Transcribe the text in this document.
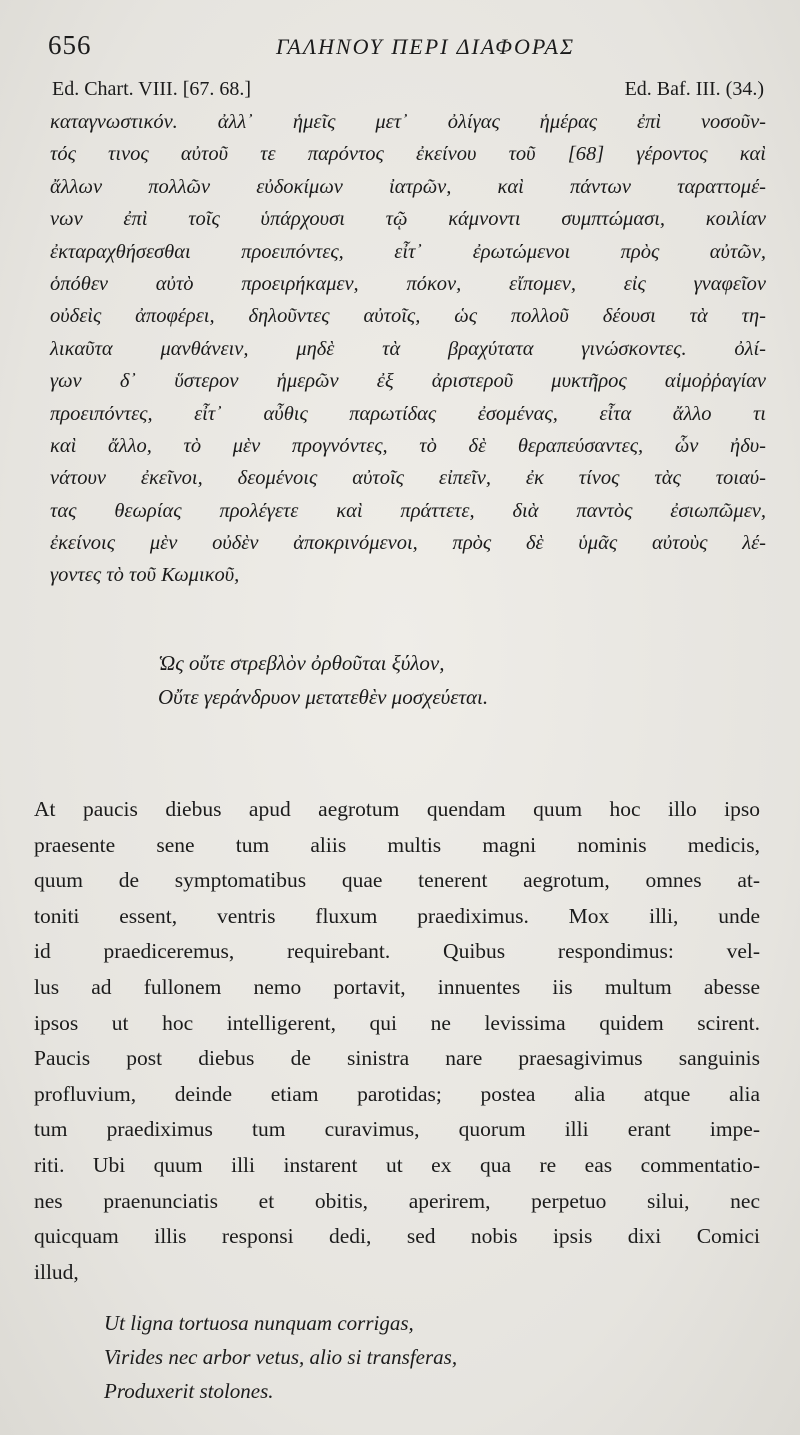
656	ΓΑΛΗΝΟΥ ΠΕΡΙ ΔΙΑΦΟΡΑΣ
Ed. Chart. VIII. [67. 68.]	Ed. Baf. III. (34.)
καταγνωστικόν. ἀλλ᾿ ἡμεῖς μετ᾿ ὀλίγας ἡμέρας ἐπὶ νοσοῦν-
τός τινος αὐτοῦ τε παρόντος ἐκείνου τοῦ [68] γέροντος καὶ
ἄλλων πολλῶν εὐδοκίμων ἰατρῶν, καὶ πάντων ταραττομέ-
νων ἐπὶ τοῖς ὑπάρχουσι τῷ κάμνοντι συμπτώμασι, κοιλίαν
ἐκταραχθήσεσθαι προειπόντες, εἶτ᾿ ἐρωτώμενοι πρὸς αὐτῶν,
ὁπόθεν αὐτὸ προειρήκαμεν, πόκον, εἴπομεν, εἰς γναφεῖον
οὐδεὶς ἀποφέρει, δηλοῦντες αὐτοῖς, ὡς πολλοῦ δέουσι τὰ τη-
λικαῦτα μανθάνειν, μηδὲ τὰ βραχύτατα γινώσκοντες. ὀλί-
γων δ᾿ ὕστερον ἡμερῶν ἐξ ἀριστεροῦ μυκτῆρος αἱμοῤῥαγίαν
προειπόντες, εἶτ᾿ αὖθις παρωτίδας ἐσομένας, εἶτα ἄλλο τι
καὶ ἄλλο, τὸ μὲν προγνόντες, τὸ δὲ θεραπεύσαντες, ὧν ἠδυ-
νάτουν ἐκεῖνοι, δεομένοις αὐτοῖς εἰπεῖν, ἐκ τίνος τὰς τοιαύ-
τας θεωρίας προλέγετε καὶ πράττετε, διὰ παντὸς ἐσιωπῶμεν,
ἐκείνοις μὲν οὐδὲν ἀποκρινόμενοι, πρὸς δὲ ὑμᾶς αὐτοὺς λέ-
γοντες τὸ τοῦ Κωμικοῦ,
Ὡς οὔτε στρεβλὸν ὀρθοῦται ξύλον,
Οὔτε γεράνδρυον μετατεθὲν μοσχεύεται.
At paucis diebus apud aegrotum quendam quum hoc illo ipso
praesente sene tum aliis multis magni nominis medicis,
quum de symptomatibus quae tenerent aegrotum, omnes at-
toniti essent, ventris fluxum praediximus. Mox illi, unde
id praediceremus, requirebant. Quibus respondimus: vel-
lus ad fullonem nemo portavit, innuentes iis multum abesse
ipsos ut hoc intelligerent, qui ne levissima quidem scirent.
Paucis post diebus de sinistra nare praesagivimus sanguinis
profluvium, deinde etiam parotidas; postea alia atque alia
tum praediximus tum curavimus, quorum illi erant impe-
riti. Ubi quum illi instarent ut ex qua re eas commentatio-
nes praenunciatis et obitis, aperirem, perpetuo silui, nec
quicquam illis responsi dedi, sed nobis ipsis dixi Comici
illud,
Ut ligna tortuosa nunquam corrigas,
Virides nec arbor vetus, alio si transferas,
Produxerit stolones.
